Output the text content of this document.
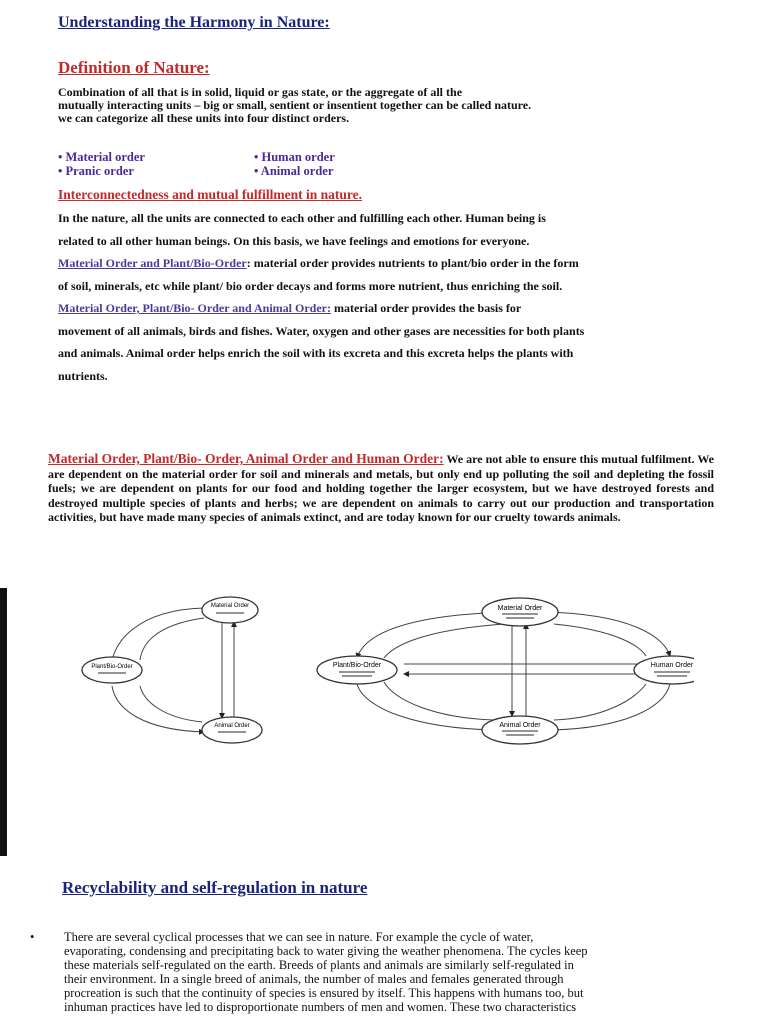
Understanding the Harmony in Nature:
Definition of Nature:
Combination of all that is in solid, liquid or gas state, or the aggregate of all the
mutually interacting units – big or small, sentient or insentient together can be called nature.
we can categorize all these units into four distinct orders.
• Material order
• Pranic order
• Human order
• Animal order
Interconnectedness and mutual fulfillment in nature.
In the nature, all the units are connected to each other and fulfilling each other. Human being is
related to all other human beings. On this basis, we have feelings and emotions for everyone.
Material Order and Plant/Bio-Order: material order provides nutrients to plant/bio order in the form
of soil, minerals, etc while plant/ bio order decays and forms more nutrient, thus enriching the soil.
Material Order, Plant/Bio- Order and Animal Order: material order provides the basis for
movement of all animals, birds and fishes. Water, oxygen and other gases are necessities for both plants
and animals. Animal order helps enrich the soil with its excreta and this excreta helps the plants with
nutrients.
Material Order, Plant/Bio- Order, Animal Order and Human Order: We are not able to ensure this mutual fulfilment. We are dependent on the material order for soil and minerals and metals, but only end up polluting the soil and depleting the fossil fuels; we are dependent on plants for our food and holding together the larger ecosystem, but we have destroyed forests and destroyed multiple species of plants and herbs; we are dependent on animals to carry out our production and transportation activities, but have made many species of animals extinct, and are today known for our cruelty towards animals.
Material Order
Plant/Bio-Order
Animal Order
Material Order
Plant/Bio-Order	Human Order
Animal Order
Recyclability and self-regulation in nature
• There are several cyclical processes that we can see in nature. For example the cycle of water,
evaporating, condensing and precipitating back to water giving the weather phenomena. The cycles keep
these materials self-regulated on the earth. Breeds of plants and animals are similarly self-regulated in
their environment. In a single breed of animals, the number of males and females generated through
procreation is such that the continuity of species is ensured by itself. This happens with humans too, but
inhuman practices have led to disproportionate numbers of men and women. These two characteristics
